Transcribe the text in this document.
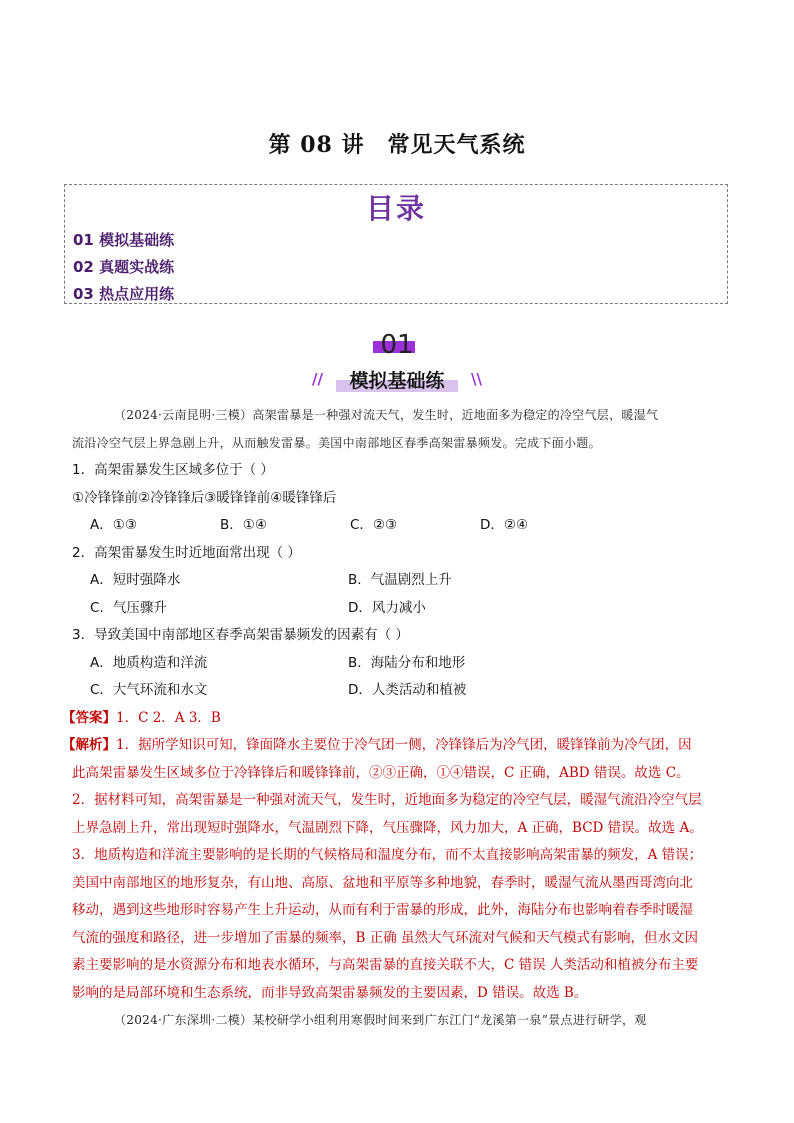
第 08 讲　常见天气系统
目录
01 模拟基础练
02 真题实战练
03 热点应用练
01
//	模拟基础练	\\
（2024·云南昆明·三模）高架雷暴是一种强对流天气，发生时，近地面多为稳定的冷空气层，暖湿气
流沿冷空气层上界急剧上升，从而触发雷暴。美国中南部地区春季高架雷暴频发。完成下面小题。
1．高架雷暴发生区域多位于（ ）
①冷锋锋前②冷锋锋后③暖锋锋前④暖锋锋后
A．①③	B．①④	C．②③	D．②④
2．高架雷暴发生时近地面常出现（ ）
A．短时强降水	B．气温剧烈上升
C．气压骤升	D．风力减小
3．导致美国中南部地区春季高架雷暴频发的因素有（ ）
A．地质构造和洋流	B．海陆分布和地形
C．大气环流和水文	D．人类活动和植被
【答案】1．C 2．A 3．B
【解析】1．据所学知识可知，锋面降水主要位于冷气团一侧，冷锋锋后为冷气团，暖锋锋前为冷气团，因
此高架雷暴发生区域多位于冷锋锋后和暖锋锋前，②③正确，①④错误，C 正确，ABD 错误。故选 C。
2．据材料可知，高架雷暴是一种强对流天气，发生时，近地面多为稳定的冷空气层，暖湿气流沿冷空气层
上界急剧上升，常出现短时强降水，气温剧烈下降，气压骤降，风力加大，A 正确，BCD 错误。故选 A。
3．地质构造和洋流主要影响的是长期的气候格局和温度分布，而不太直接影响高架雷暴的频发，A 错误；
美国中南部地区的地形复杂，有山地、高原、盆地和平原等多种地貌，春季时，暖湿气流从墨西哥湾向北
移动，遇到这些地形时容易产生上升运动，从而有利于雷暴的形成，此外，海陆分布也影响着春季时暖湿
气流的强度和路径，进一步增加了雷暴的频率，B 正确 虽然大气环流对气候和天气模式有影响，但水文因
素主要影响的是水资源分布和地表水循环，与高架雷暴的直接关联不大，C 错误 人类活动和植被分布主要
影响的是局部环境和生态系统，而非导致高架雷暴频发的主要因素，D 错误。故选 B。
（2024·广东深圳·二模）某校研学小组利用寒假时间来到广东江门“龙溪第一泉”景点进行研学，观
